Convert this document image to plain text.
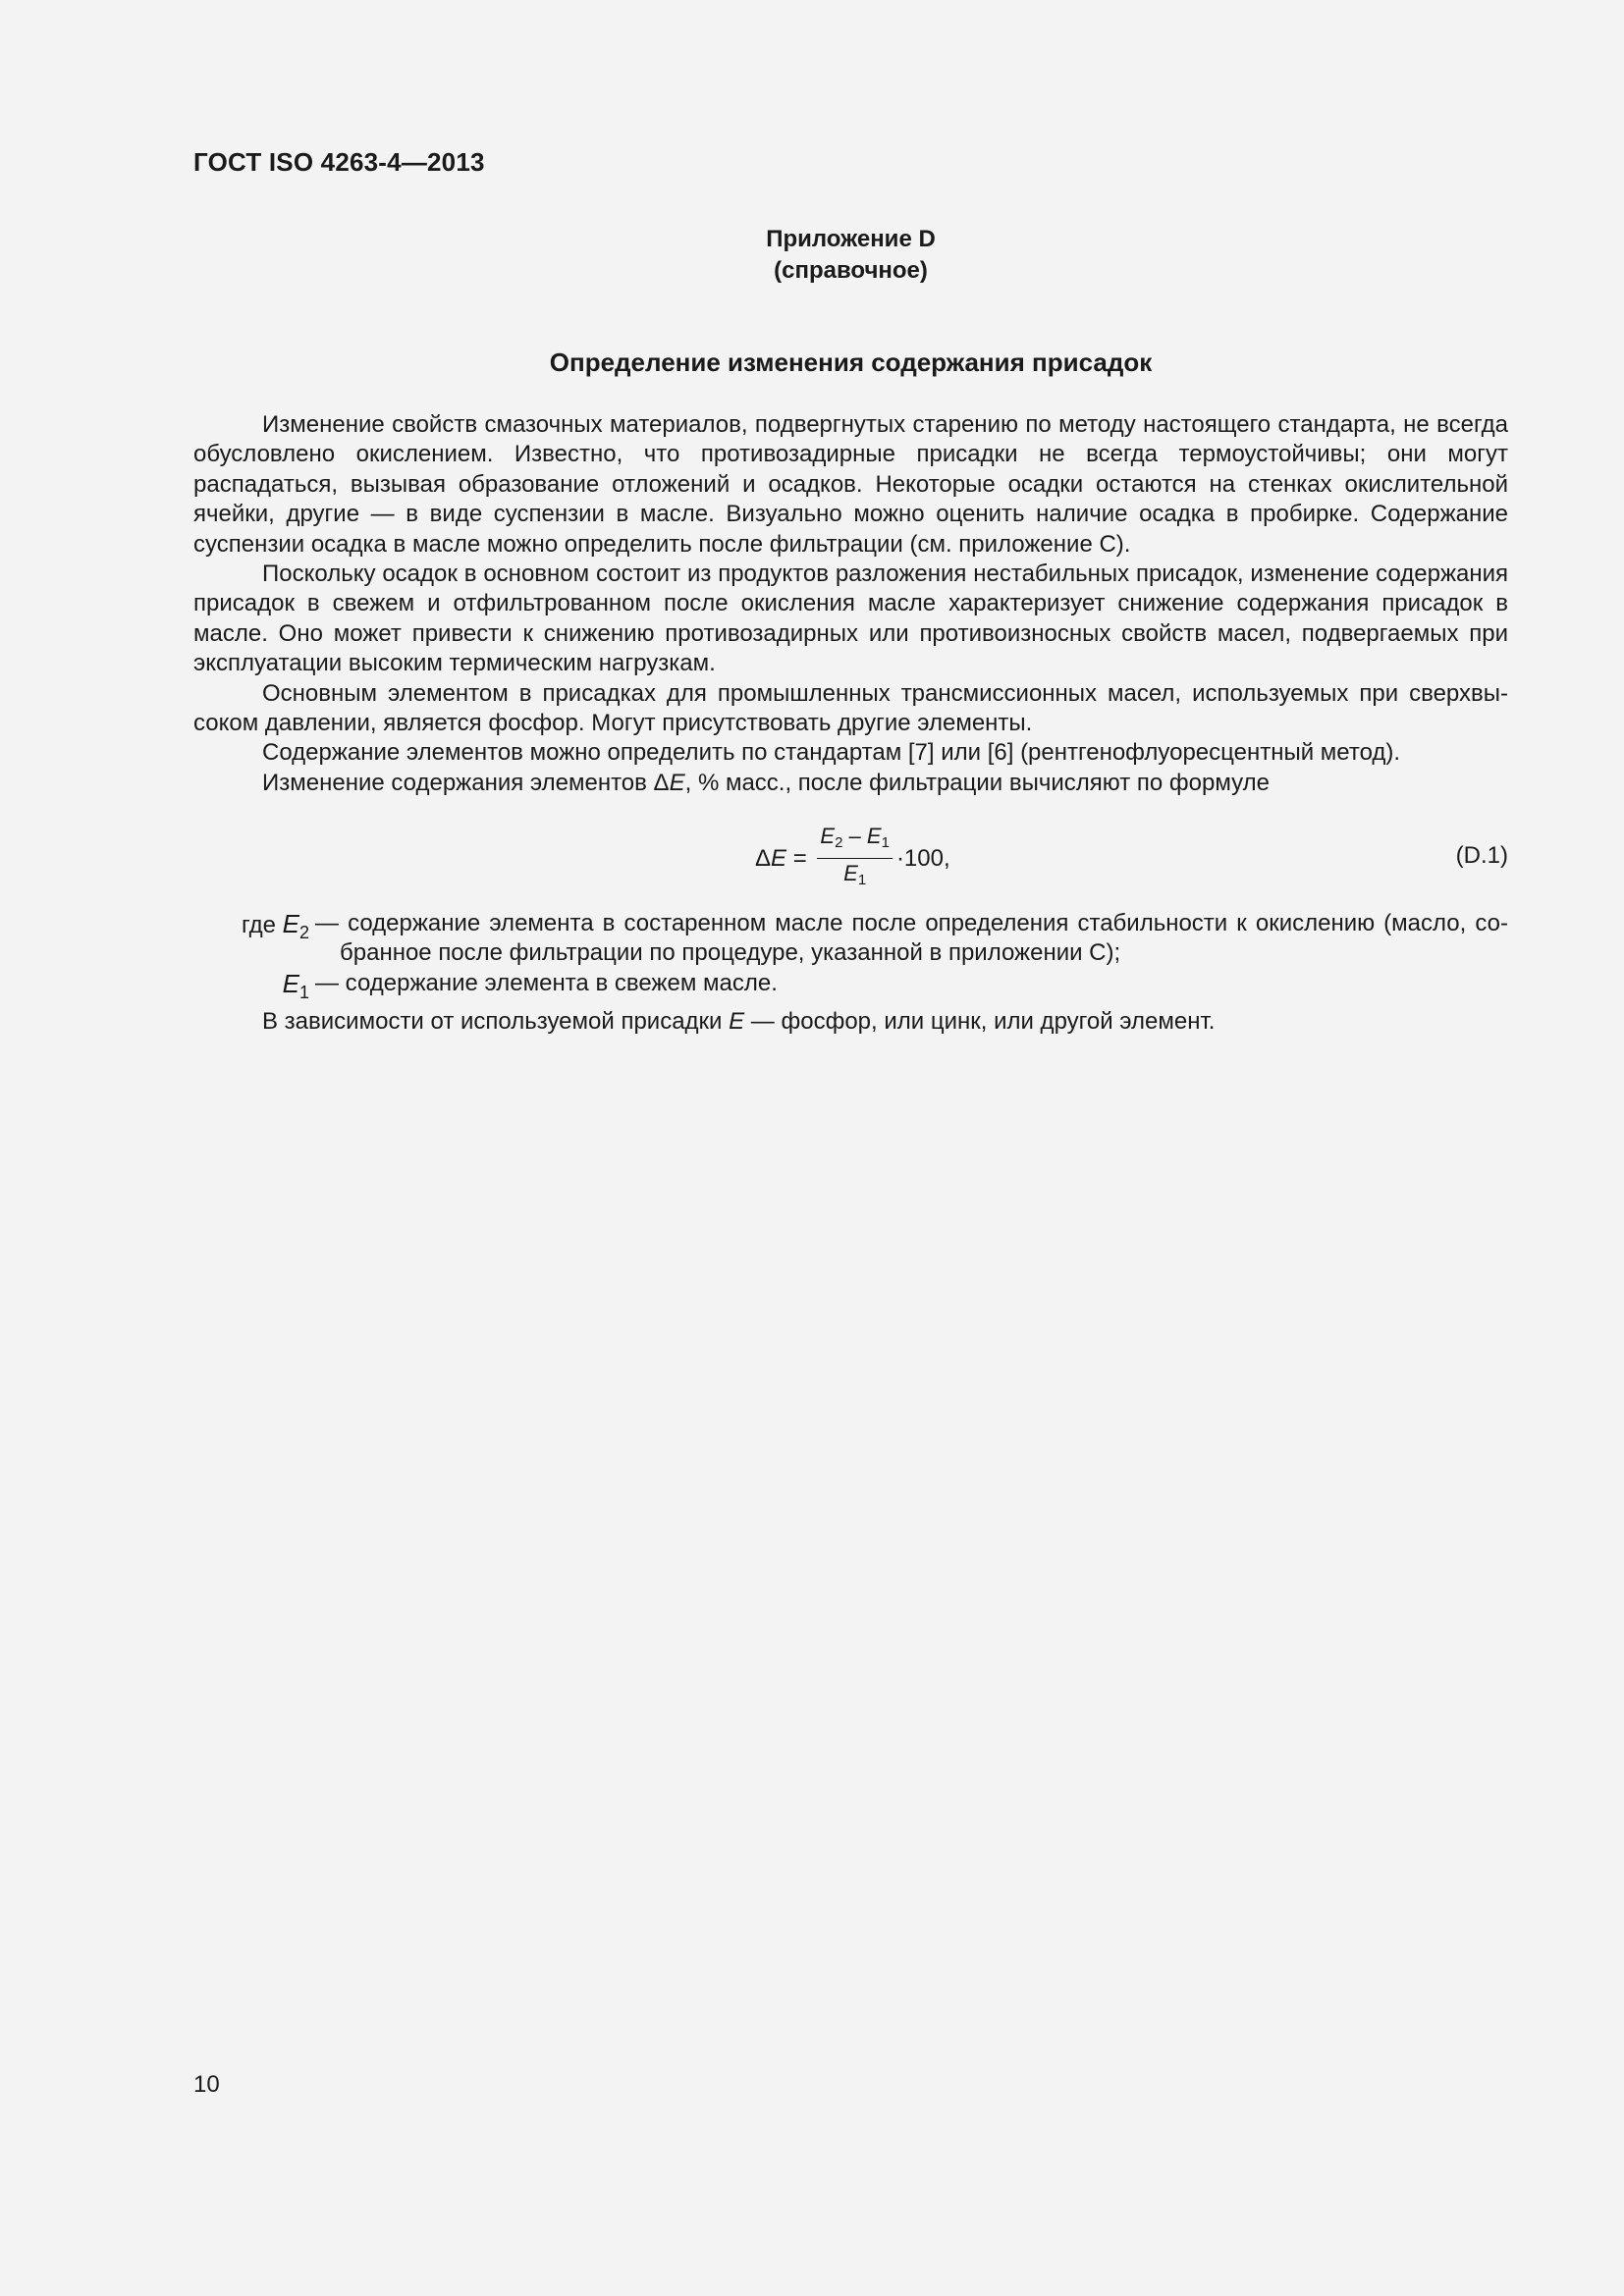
ГОСТ ISO 4263-4—2013
Приложение D
(справочное)
Определение изменения содержания присадок

Изменение свойств смазочных материалов, подвергнутых старению по методу настоящего стандарта, не всегда обусловлено окислением. Известно, что противозадирные присадки не всегда термоустойчивы; они могут распадаться, вызывая образование отложений и осадков. Некоторые осадки остаются на стенках окислительной ячейки, другие — в виде суспензии в масле. Визуально можно оценить наличие осадка в пробирке. Содержание суспензии осадка в масле можно определить после фильтрации (см. приложение С).

Поскольку осадок в основном состоит из продуктов разложения нестабильных присадок, изменение содержания присадок в свежем и отфильтрованном после окисления масле характеризует снижение содержания присадок в масле. Оно может привести к снижению противозадирных или противоизносных свойств масел, подвергаемых при эксплуатации высоким термическим нагрузкам.

Основным элементом в присадках для промышленных трансмиссионных масел, используемых при сверхвысоком давлении, является фосфор. Могут присутствовать другие элементы.

Содержание элементов можно определить по стандартам [7] или [6] (рентгенофлуоресцентный метод).

Изменение содержания элементов ΔE, % масс., после фильтрации вычисляют по формуле

Δ $E = \frac{E_2 - E_1}{E_1} \cdot 100$,	(D.1)
где $E_2$ — содержание элемента в состаренном масле после определения стабильности к окислению (масло, собранное после фильтрации по процедуре, указанной в приложении С);
$E_1$ — содержание элемента в свежем масле.

В зависимости от используемой присадки E — фосфор, или цинк, или другой элемент.

10
